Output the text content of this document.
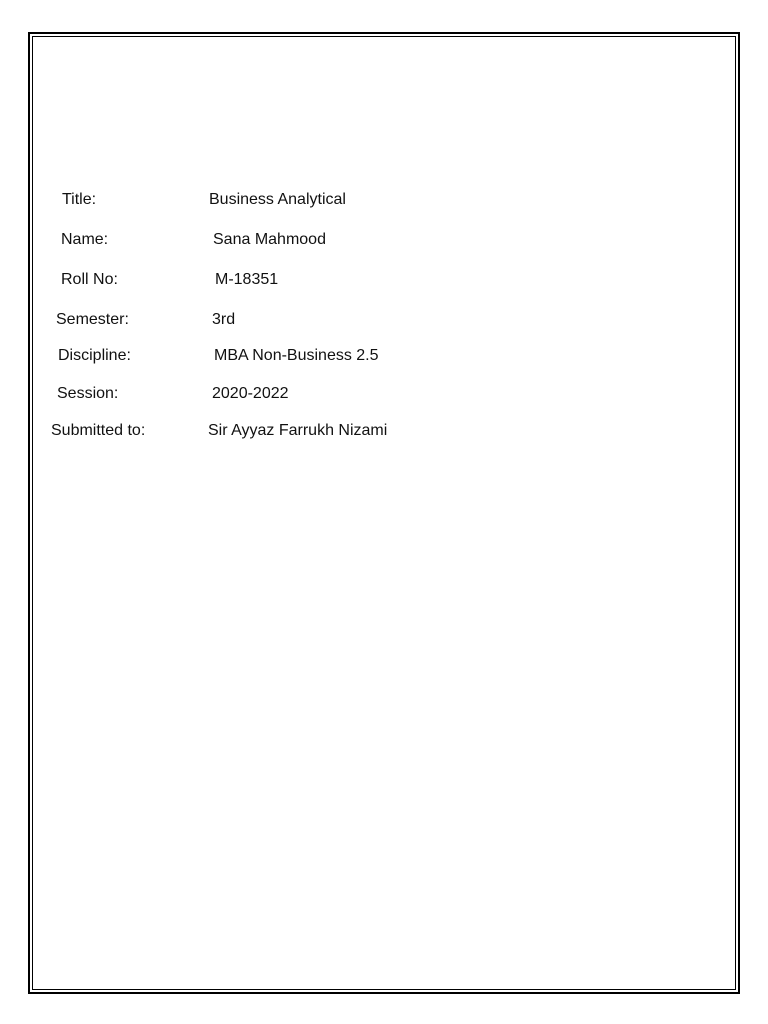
Title:	Business Analytical
Name:	Sana Mahmood
Roll No:	M-18351
Semester:	3rd
Discipline:	MBA Non-Business 2.5
Session:	2020-2022
Submitted to:	Sir Ayyaz Farrukh Nizami
